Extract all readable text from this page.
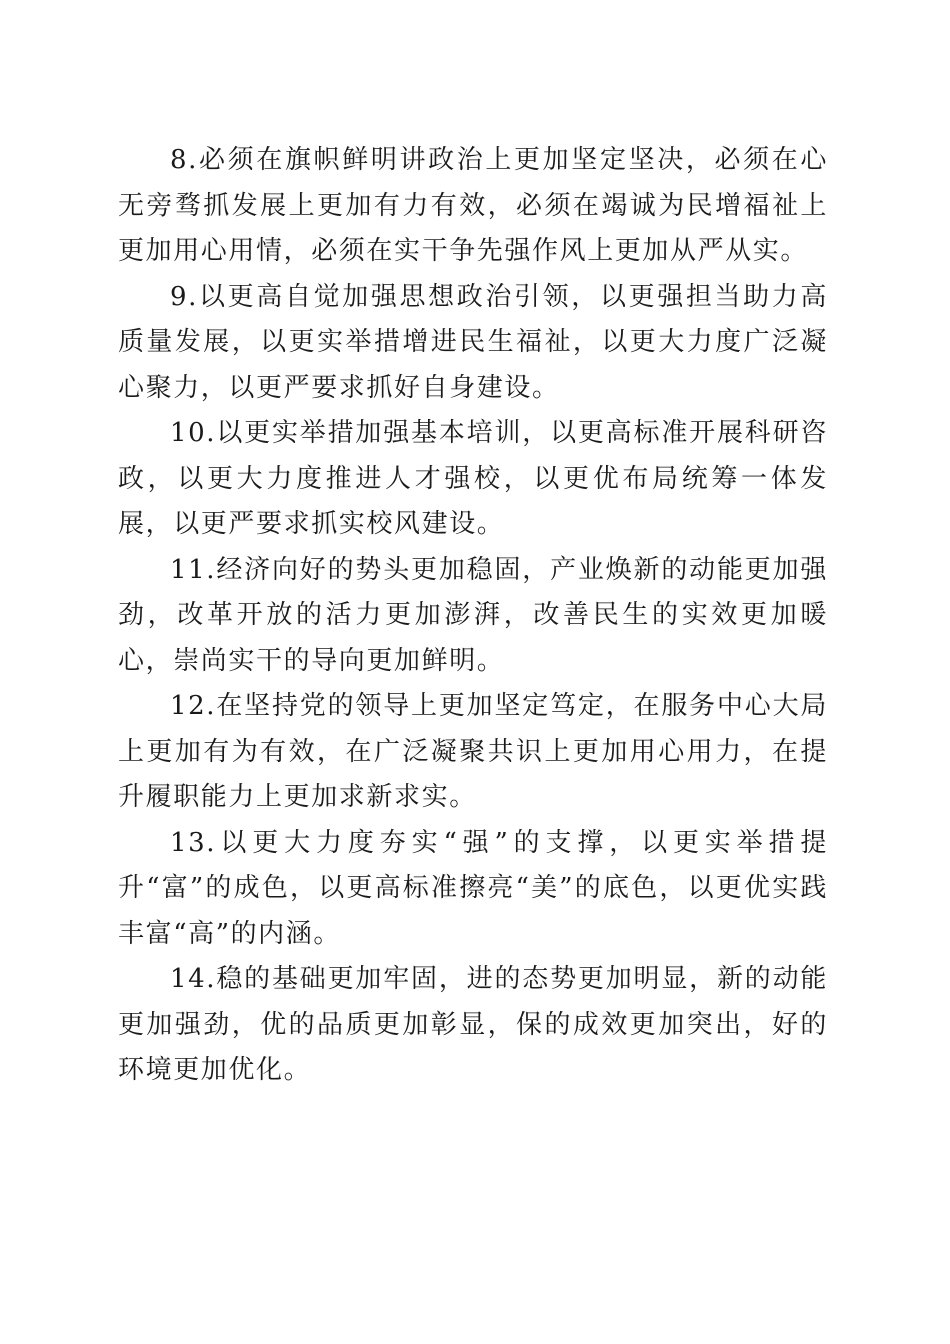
8.必须在旗帜鲜明讲政治上更加坚定坚决，必须在心无旁骛抓发展上更加有力有效，必须在竭诚为民增福祉上更加用心用情，必须在实干争先强作风上更加从严从实。

9.以更高自觉加强思想政治引领，以更强担当助力高质量发展，以更实举措增进民生福祉，以更大力度广泛凝心聚力，以更严要求抓好自身建设。

10.以更实举措加强基本培训，以更高标准开展科研咨政，以更大力度推进人才强校，以更优布局统筹一体发展，以更严要求抓实校风建设。

11.经济向好的势头更加稳固，产业焕新的动能更加强劲，改革开放的活力更加澎湃，改善民生的实效更加暖心，崇尚实干的导向更加鲜明。

12.在坚持党的领导上更加坚定笃定，在服务中心大局上更加有为有效，在广泛凝聚共识上更加用心用力，在提升履职能力上更加求新求实。

13.以更大力度夯实“强”的支撑，以更实举措提升“富”的成色，以更高标准擦亮“美”的底色，以更优实践丰富“高”的内涵。

14.稳的基础更加牢固，进的态势更加明显，新的动能更加强劲，优的品质更加彰显，保的成效更加突出，好的环境更加优化。
